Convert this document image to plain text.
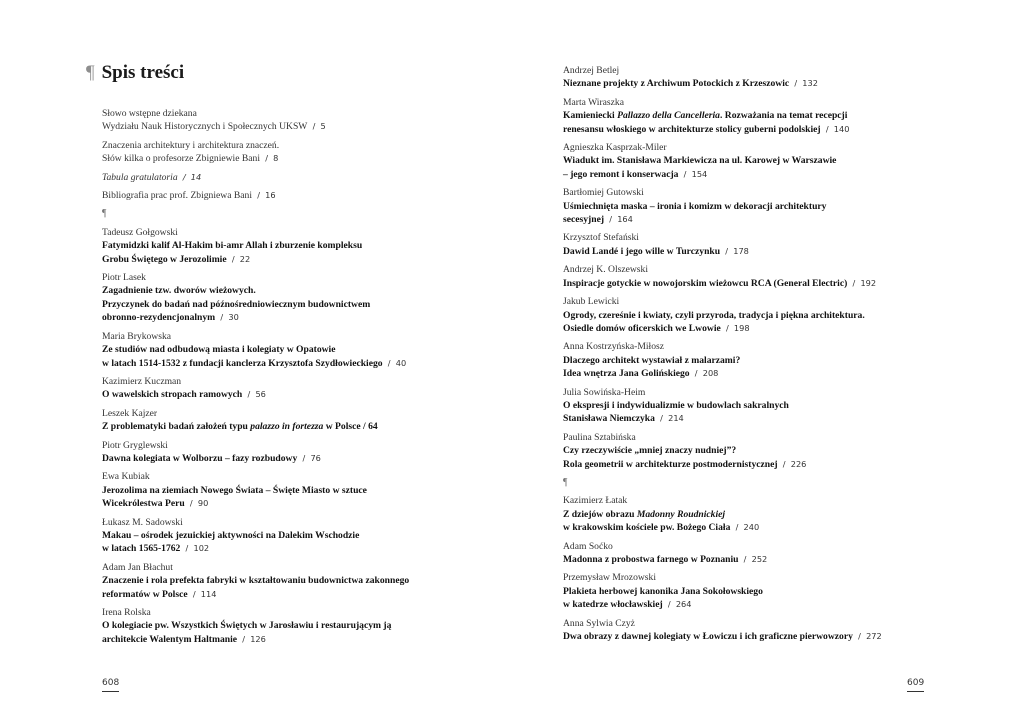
Słowo wstępne dziekana
Wydziału Nauk Historycznych i Społecznych UKSW  /  5
Znaczenia architektury i architektura znaczeń.
Słów kilka o profesorze Zbigniewie Bani  /  8
Tabula gratulatoria  /  14
Bibliografia prac prof. Zbigniewa Bani  /  16
¶
Tadeusz Gołgowski
Fatymidzki kalif Al-Hakim bi-amr Allah i zburzenie kompleksu
Grobu Świętego w Jerozolimie  /  22
Piotr Lasek
Zagadnienie tzw. dworów wieżowych.
Przyczynek do badań nad późnośredniowiecznym budownictwem
obronno-rezydencjonalnym  /  30
Maria Brykowska
Ze studiów nad odbudową miasta i kolegiaty w Opatowie
w latach 1514-1532 z fundacji kanclerza Krzysztofa Szydłowieckiego  /  40
Kazimierz Kuczman
O wawelskich stropach ramowych  /  56
Leszek Kajzer
Z problematyki badań założeń typu palazzo in fortezza w Polsce / 64
Piotr Gryglewski
Dawna kolegiata w Wolborzu – fazy rozbudowy  /  76
Ewa Kubiak
Jerozolima na ziemiach Nowego Świata – Święte Miasto w sztuce
Wicekrólestwa Peru  /  90
Łukasz M. Sadowski
Makau – ośrodek jezuickiej aktywności na Dalekim Wschodzie
w latach 1565-1762  /  102
Adam Jan Błachut
Znaczenie i rola prefekta fabryki w kształtowaniu budownictwa zakonnego
reformatów w Polsce  /  114
Irena Rolska
O kolegiacie pw. Wszystkich Świętych w Jarosławiu i restaurującym ją
architekcie Walentym Haltmanie  /  126
¶ Spis treści	Andrzej Betlej
Nieznane projekty z Archiwum Potockich z Krzeszowic  /  132
Marta Wiraszka
Kamieniecki Pallazzo della Cancelleria. Rozważania na temat recepcji
renesansu włoskiego w architekturze stolicy guberni podolskiej  /  140
Agnieszka Kasprzak-Miler
Wiadukt im. Stanisława Markiewicza na ul. Karowej w Warszawie
– jego remont i konserwacja  /  154
Bartłomiej Gutowski
Uśmiechnięta maska – ironia i komizm w dekoracji architektury
secesyjnej  /  164
Krzysztof Stefański
Dawid Landé i jego wille w Turczynku  /  178
Andrzej K. Olszewski
Inspiracje gotyckie w nowojorskim wieżowcu RCA (General Electric)  /  192
Jakub Lewicki
Ogrody, czereśnie i kwiaty, czyli przyroda, tradycja i piękna architektura.
Osiedle domów oficerskich we Lwowie  /  198
Anna Kostrzyńska-Miłosz
Dlaczego architekt wystawiał z malarzami?
Idea wnętrza Jana Golińskiego  /  208
Julia Sowińska-Heim
O ekspresji i indywidualizmie w budowlach sakralnych
Stanisława Niemczyka  /  214
Paulina Sztabińska
Czy rzeczywiście „mniej znaczy nudniej”?
Rola geometrii w architekturze postmodernistycznej  /  226
¶
Kazimierz Łatak
Z dziejów obrazu Madonny Roudnickiej
w krakowskim kościele pw. Bożego Ciała  /  240
Adam Soćko
Madonna z probostwa farnego w Poznaniu  /  252
Przemysław Mrozowski
Plakieta herbowej kanonika Jana Sokołowskiego
w katedrze włocławskiej  /  264
Anna Sylwia Czyż
Dwa obrazy z dawnej kolegiaty w Łowiczu i ich graficzne pierwowzory  /  272
608	609
